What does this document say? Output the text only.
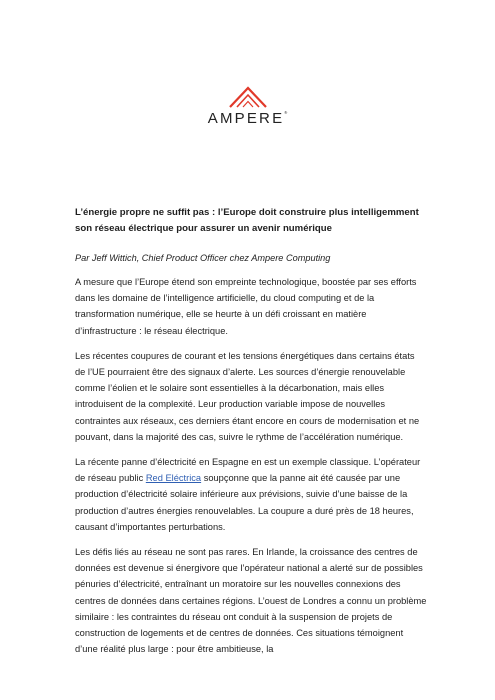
AMPERE®
L’énergie propre ne suffit pas : l’Europe doit construire plus intelligemment
son réseau électrique pour assurer un avenir numérique

Par Jeff Wittich, Chief Product Officer chez Ampere Computing

A mesure que l’Europe étend son empreinte technologique, boostée par ses efforts dans les domaine de l’intelligence artificielle, du cloud computing et de la transformation numérique, elle se heurte à un défi croissant en matière d’infrastructure : le réseau électrique.

Les récentes coupures de courant et les tensions énergétiques dans certains états de l’UE pourraient être des signaux d’alerte. Les sources d’énergie renouvelable comme l’éolien et le solaire sont essentielles à la décarbonation, mais elles introduisent de la complexité. Leur production variable impose de nouvelles contraintes aux réseaux, ces derniers étant encore en cours de modernisation et ne pouvant, dans la majorité des cas, suivre le rythme de l’accélération numérique.

La récente panne d’électricité en Espagne en est un exemple classique. L’opérateur de réseau public Red Eléctrica soupçonne que la panne ait été causée par une production d’électricité solaire inférieure aux prévisions, suivie d’une baisse de la production d’autres énergies renouvelables. La coupure a duré près de 18 heures, causant d’importantes perturbations.

Les défis liés au réseau ne sont pas rares. En Irlande, la croissance des centres de données est devenue si énergivore que l’opérateur national a alerté sur de possibles pénuries d’électricité, entraînant un moratoire sur les nouvelles connexions des centres de données dans certaines régions. L’ouest de Londres a connu un problème similaire : les contraintes du réseau ont conduit à la suspension de projets de construction de logements et de centres de données. Ces situations témoignent d’une réalité plus large : pour être ambitieuse, la
